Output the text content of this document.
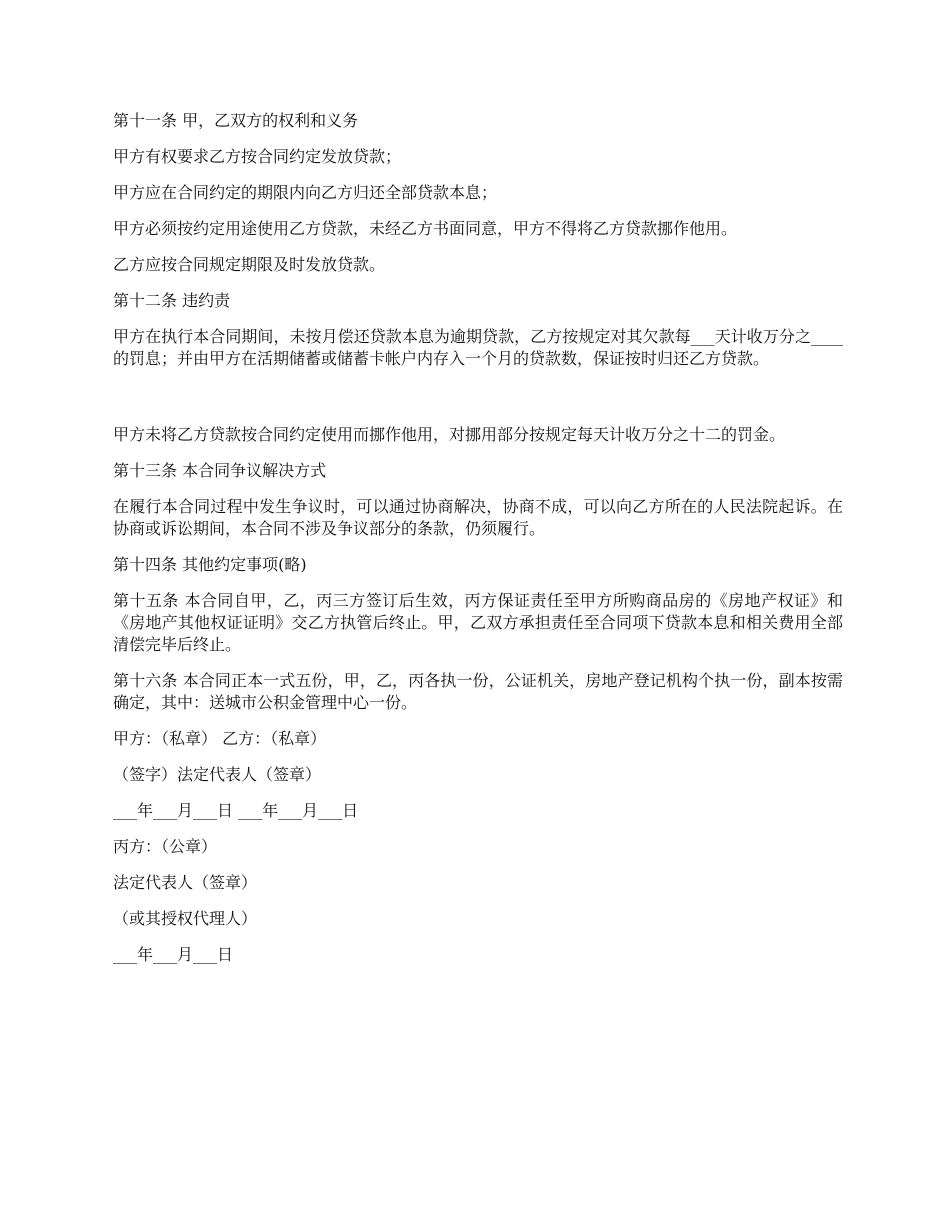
第十一条 甲，乙双方的权利和义务

甲方有权要求乙方按合同约定发放贷款；

甲方应在合同约定的期限内向乙方归还全部贷款本息；

甲方必须按约定用途使用乙方贷款，未经乙方书面同意，甲方不得将乙方贷款挪作他用。

乙方应按合同规定期限及时发放贷款。

第十二条 违约责

甲方在执行本合同期间，未按月偿还贷款本息为逾期贷款，乙方按规定对其欠款每___天计收万分之____的罚息；并由甲方在活期储蓄或储蓄卡帐户内存入一个月的贷款数，保证按时归还乙方贷款。

甲方未将乙方贷款按合同约定使用而挪作他用，对挪用部分按规定每天计收万分之十二的罚金。

第十三条 本合同争议解决方式

在履行本合同过程中发生争议时，可以通过协商解决，协商不成，可以向乙方所在的人民法院起诉。在协商或诉讼期间，本合同不涉及争议部分的条款，仍须履行。

第十四条 其他约定事项(略)

第十五条 本合同自甲，乙，丙三方签订后生效，丙方保证责任至甲方所购商品房的《房地产权证》和《房地产其他权证证明》交乙方执管后终止。甲，乙双方承担责任至合同项下贷款本息和相关费用全部清偿完毕后终止。

第十六条 本合同正本一式五份，甲，乙，丙各执一份，公证机关，房地产登记机构个执一份，副本按需确定，其中：送城市公积金管理中心一份。

甲方：（私章） 乙方：（私章）

（签字）法定代表人（签章）

___年___月___日 ___年___月___日

丙方：（公章）

法定代表人（签章）

（或其授权代理人）

___年___月___日
